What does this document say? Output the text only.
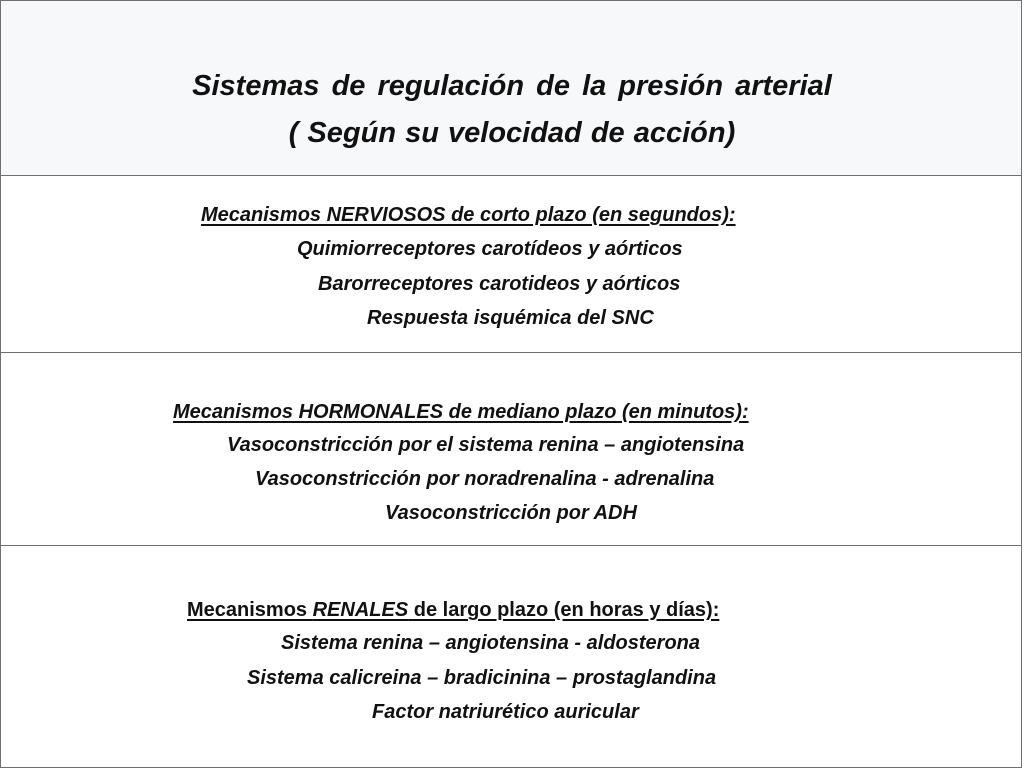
Sistemas de regulación de la presión arterial
( Según su velocidad de acción)
Mecanismos NERVIOSOS de corto plazo (en segundos):
Quimiorreceptores carotídeos y aórticos
Barorreceptores carotideos y aórticos
Respuesta isquémica del SNC
Mecanismos HORMONALES de mediano plazo (en minutos):
Vasoconstricción por el sistema renina – angiotensina
Vasoconstricción por noradrenalina - adrenalina
Vasoconstricción por ADH
Mecanismos RENALES de largo plazo (en horas y días):
Sistema renina – angiotensina - aldosterona
Sistema calicreina – bradicinina – prostaglandina
Factor natriurético auricular
